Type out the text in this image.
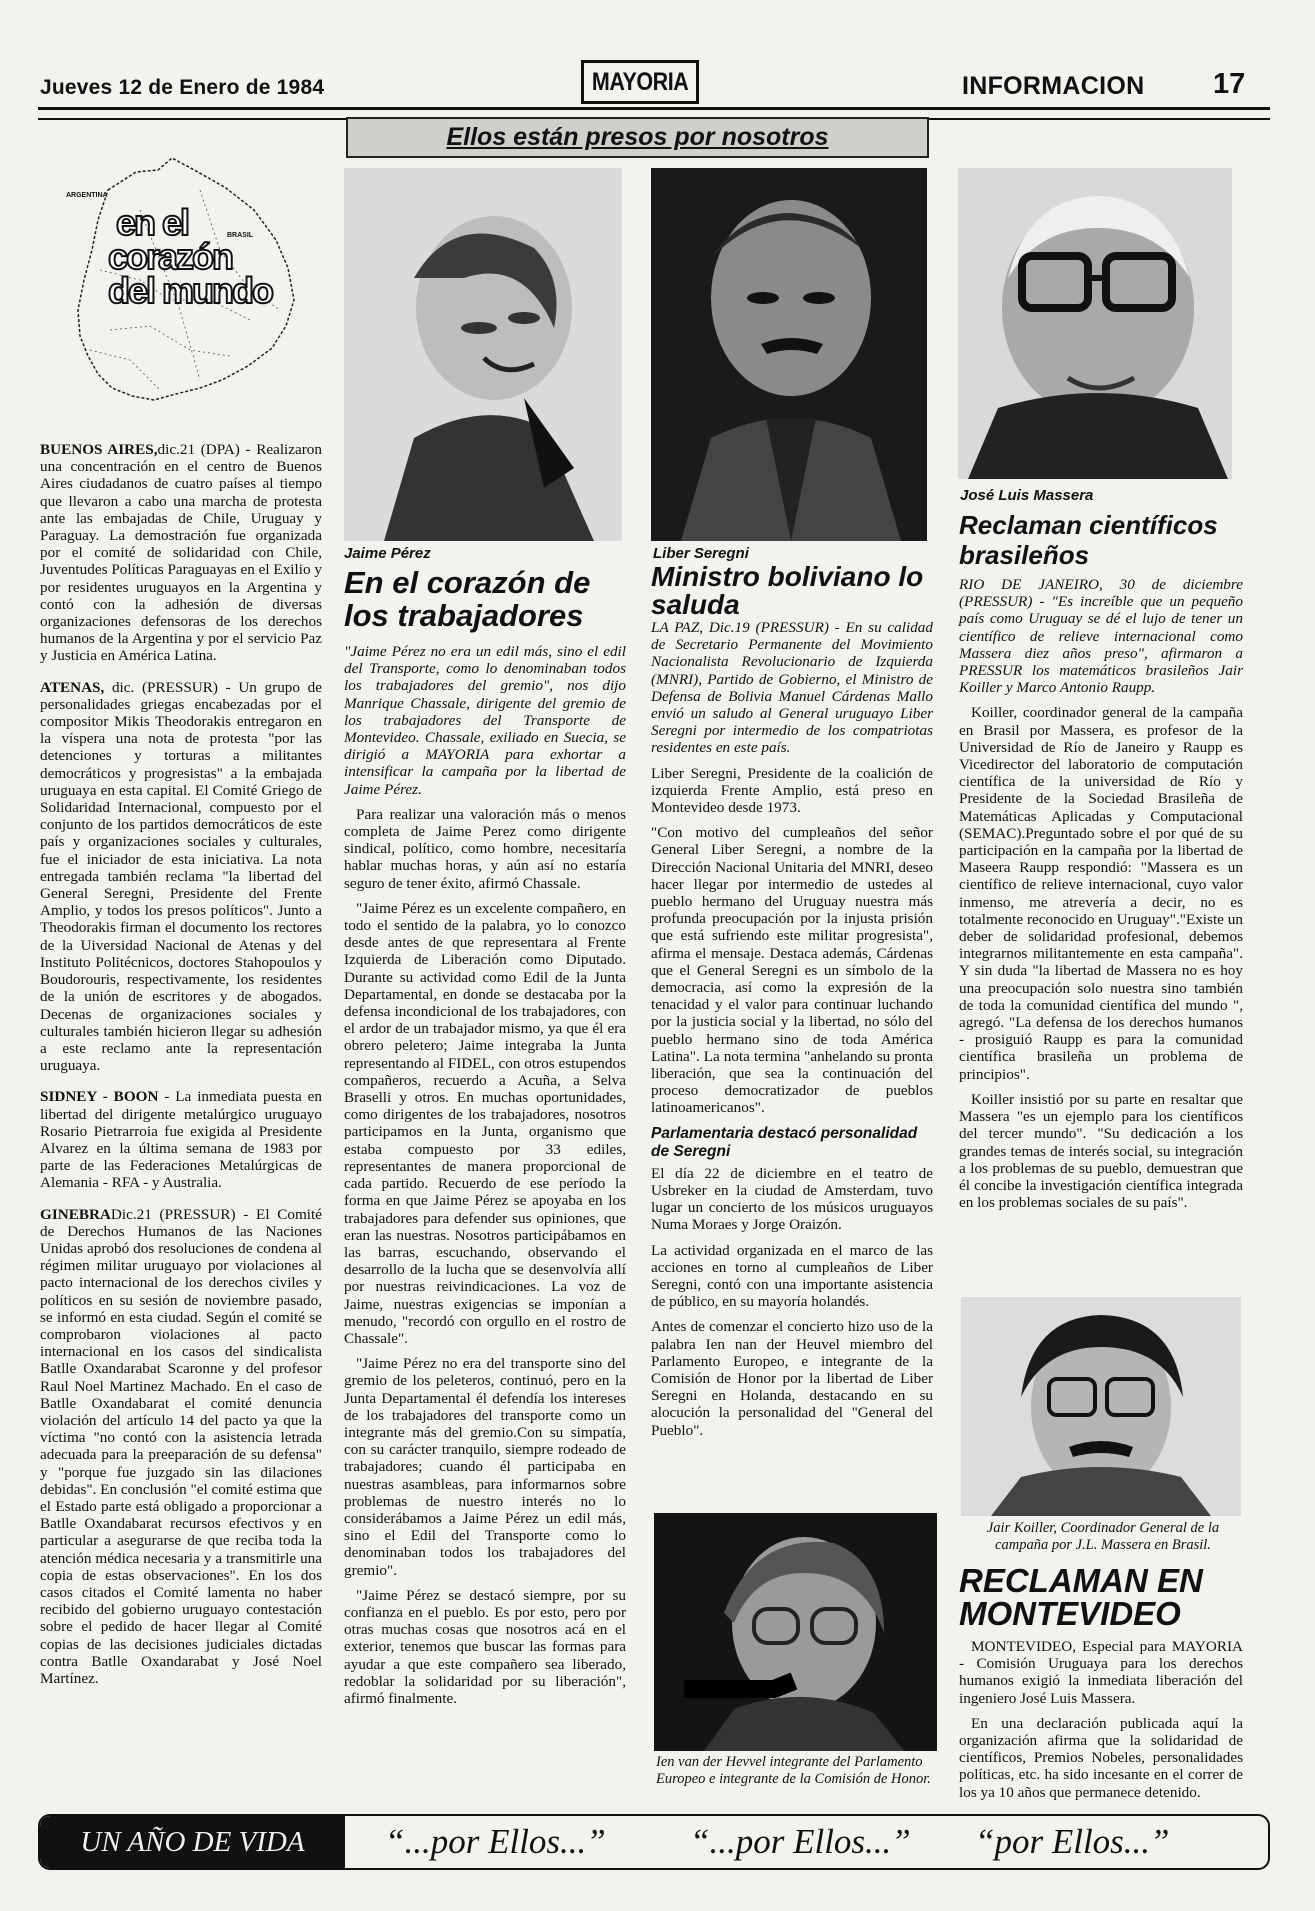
Jueves 12 de Enero de 1984	MAYORIA	INFORMACION 17
Ellos están presos por nosotros
ARGENTINA
BRASIL
en el
corazón
del mundo

BUENOS AIRES,dic.21 (DPA) - Realizaron una concentración en el centro de Buenos Aires ciudadanos de cuatro países al tiempo que llevaron a cabo una marcha de protesta ante las embajadas de Chile, Uruguay y Paraguay. La demostración fue organizada por el comité de solidaridad con Chile, Juventudes Políticas Paraguayas en el Exilio y por residentes uruguayos en la Argentina y contó con la adhesión de diversas organizaciones defensoras de los derechos humanos de la Argentina y por el servicio Paz y Justicia en América Latina.

ATENAS, dic. (PRESSUR) - Un grupo de personalidades griegas encabezadas por el compositor Mikis Theodorakis entregaron en la víspera una nota de protesta "por las detenciones y torturas a militantes democráticos y progresistas" a la embajada uruguaya en esta capital. El Comité Griego de Solidaridad Internacional, compuesto por el conjunto de los partidos democráticos de este país y organizaciones sociales y culturales, fue el iniciador de esta iniciativa. La nota entregada también reclama "la libertad del General Seregni, Presidente del Frente Amplio, y todos los presos políticos". Junto a Theodorakis firman el documento los rectores de la Uiversidad Nacional de Atenas y del Instituto Politécnicos, doctores Stahopoulos y Boudorouris, respectivamente, los residentes de la unión de escritores y de abogados. Decenas de organizaciones sociales y culturales también hicieron llegar su adhesión a este reclamo ante la representación uruguaya.

SIDNEY - BOON - La inmediata puesta en libertad del dirigente metalúrgico uruguayo Rosario Pietrarroia fue exigida al Presidente Alvarez en la última semana de 1983 por parte de las Federaciones Metalúrgicas de Alemania - RFA - y Australia.

GINEBRADic.21 (PRESSUR) - El Comité de Derechos Humanos de las Naciones Unidas aprobó dos resoluciones de condena al régimen militar uruguayo por violaciones al pacto internacional de los derechos civiles y políticos en su sesión de noviembre pasado, se informó en esta ciudad. Según el comité se comprobaron violaciones al pacto internacional en los casos del sindicalista Batlle Oxandarabat Scaronne y del profesor Raul Noel Martinez Machado. En el caso de Batlle Oxandabarat el comité denuncia violación del artículo 14 del pacto ya que la víctima "no contó con la asistencia letrada adecuada para la preeparación de su defensa" y "porque fue juzgado sin las dilaciones debidas". En conclusión "el comité estima que el Estado parte está obligado a proporcionar a Batlle Oxandabarat recursos efectivos y en particular a asegurarse de que reciba toda la atención médica necesaria y a transmitirle una copia de estas observaciones". En los dos casos citados el Comité lamenta no haber recibido del gobierno uruguayo contestación sobre el pedido de hacer llegar al Comité copias de las decisiones judiciales dictadas contra Batlle Oxandarabat y José Noel Martínez.

Jaime Pérez
En el corazón de los trabajadores

"Jaime Pérez no era un edil más, sino el edil del Transporte, como lo denominaban todos los trabajadores del gremio", nos dijo Manrique Chassale, dirigente del gremio de los trabajadores del Transporte de Montevideo. Chassale, exiliado en Suecia, se dirigió a MAYORIA para exhortar a intensificar la campaña por la libertad de Jaime Pérez.

Para realizar una valoración más o menos completa de Jaime Perez como dirigente sindical, político, como hombre, necesitaría hablar muchas horas, y aún así no estaría seguro de tener éxito, afirmó Chassale.

"Jaime Pérez es un excelente compañero, en todo el sentido de la palabra, yo lo conozco desde antes de que representara al Frente Izquierda de Liberación como Diputado. Durante su actividad como Edil de la Junta Departamental, en donde se destacaba por la defensa incondicional de los trabajadores, con el ardor de un trabajador mismo, ya que él era obrero peletero; Jaime integraba la Junta representando al FIDEL, con otros estupendos compañeros, recuerdo a Acuña, a Selva Braselli y otros. En muchas oportunidades, como dirigentes de los trabajadores, nosotros participamos en la Junta, organismo que estaba compuesto por 33 ediles, representantes de manera proporcional de cada partido. Recuerdo de ese período la forma en que Jaime Pérez se apoyaba en los trabajadores para defender sus opiniones, que eran las nuestras. Nosotros participábamos en las barras, escuchando, observando el desarrollo de la lucha que se desenvolvía allí por nuestras reivindicaciones. La voz de Jaime, nuestras exigencias se imponían a menudo, "recordó con orgullo en el rostro de Chassale".

"Jaime Pérez no era del transporte sino del gremio de los peleteros, continuó, pero en la Junta Departamental él defendía los intereses de los trabajadores del transporte como un integrante más del gremio.Con su simpatía, con su carácter tranquilo, siempre rodeado de trabajadores; cuando él participaba en nuestras asambleas, para informarnos sobre problemas de nuestro interés no lo considerábamos a Jaime Pérez un edil más, sino el Edil del Transporte como lo denominaban todos los trabajadores del gremio".

"Jaime Pérez se destacó siempre, por su confianza en el pueblo. Es por esto, pero por otras muchas cosas que nosotros acá en el exterior, tenemos que buscar las formas para ayudar a que este compañero sea liberado, redoblar la solidaridad por su liberación", afirmó finalmente.

Liber Seregni
Ministro boliviano lo saluda

LA PAZ, Dic.19 (PRESSUR) - En su calidad de Secretario Permanente del Movimiento Nacionalista Revolucionario de Izquierda (MNRI), Partido de Gobierno, el Ministro de Defensa de Bolivia Manuel Cárdenas Mallo envió un saludo al General uruguayo Liber Seregni por intermedio de los compatriotas residentes en este país.

Liber Seregni, Presidente de la coalición de izquierda Frente Amplio, está preso en Montevideo desde 1973.

"Con motivo del cumpleaños del señor General Liber Seregni, a nombre de la Dirección Nacional Unitaria del MNRI, deseo hacer llegar por intermedio de ustedes al pueblo hermano del Uruguay nuestra más profunda preocupación por la injusta prisión que está sufriendo este militar progresista", afirma el mensaje. Destaca además, Cárdenas que el General Seregni es un símbolo de la democracia, así como la expresión de la tenacidad y el valor para continuar luchando por la justicia social y la libertad, no sólo del pueblo hermano sino de toda América Latina". La nota termina "anhelando su pronta liberación, que sea la continuación del proceso democratizador de pueblos latinoamericanos".

Parlamentaria destacó personalidad de Seregni

El día 22 de diciembre en el teatro de Usbreker en la ciudad de Amsterdam, tuvo lugar un concierto de los músicos uruguayos Numa Moraes y Jorge Oraizón.

La actividad organizada en el marco de las acciones en torno al cumpleaños de Liber Seregni, contó con una importante asistencia de público, en su mayoría holandés.

Antes de comenzar el concierto hizo uso de la palabra Ien nan der Heuvel miembro del Parlamento Europeo, e integrante de la Comisión de Honor por la libertad de Liber Seregni en Holanda, destacando en su alocución la personalidad del "General del Pueblo".

Ien van der Hevvel integrante del Parlamento Europeo e integrante de la Comisión de Honor.
José Luis Massera
Reclaman científicos brasileños

RIO DE JANEIRO, 30 de diciembre (PRESSUR) - "Es increíble que un pequeño país como Uruguay se dé el lujo de tener un científico de relieve internacional como Massera diez años preso", afirmaron a PRESSUR los matemáticos brasileños Jair Koiller y Marco Antonio Raupp.

Koiller, coordinador general de la campaña en Brasil por Massera, es profesor de la Universidad de Río de Janeiro y Raupp es Vicedirector del laboratorio de computación científica de la universidad de Río y Presidente de la Sociedad Brasileña de Matemáticas Aplicadas y Computacional (SEMAC).Preguntado sobre el por qué de su participación en la campaña por la libertad de Maseera Raupp respondió: "Massera es un científico de relieve internacional, cuyo valor inmenso, me atrevería a decir, no es totalmente reconocido en Uruguay"."Existe un deber de solidaridad profesional, debemos integrarnos militantemente en esta campaña". Y sin duda "la libertad de Massera no es hoy una preocupación solo nuestra sino también de toda la comunidad científica del mundo ", agregó. "La defensa de los derechos humanos - prosiguió Raupp es para la comunidad científica brasileña un problema de principios".

Koiller insistió por su parte en resaltar que Massera "es un ejemplo para los científicos del tercer mundo". "Su dedicación a los grandes temas de interés social, su integración a los problemas de su pueblo, demuestran que él concibe la investigación científica integrada en los problemas sociales de su país".

Jair Koiller, Coordinador General de la campaña por J.L. Massera en Brasil.
RECLAMAN EN MONTEVIDEO

MONTEVIDEO, Especial para MAYORIA - Comisión Uruguaya para los derechos humanos exigió la inmediata liberación del ingeniero José Luis Massera.

En una declaración publicada aquí la organización afirma que la solidaridad de científicos, Premios Nobeles, personalidades políticas, etc. ha sido incesante en el correr de los ya 10 años que permanece detenido.

UN AÑO DE VIDA “...por Ellos...” “...por Ellos...” “por Ellos...”
